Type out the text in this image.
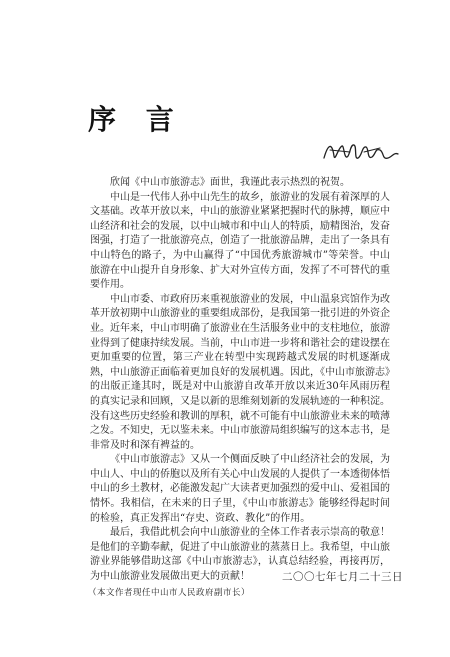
序 言

欣闻《中山市旅游志》面世，我谨此表示热烈的祝贺。

中山是一代伟人孙中山先生的故乡，旅游业的发展有着深厚的人文基础。改革开放以来，中山的旅游业紧紧把握时代的脉搏，顺应中山经济和社会的发展，以中山城市和中山人的特质，励精图治，发奋图强，打造了一批旅游亮点，创造了一批旅游品牌，走出了一条具有中山特色的路子，为中山赢得了“中国优秀旅游城市”等荣誉。中山旅游在中山提升自身形象、扩大对外宣传方面，发挥了不可替代的重要作用。

中山市委、市政府历来重视旅游业的发展，中山温泉宾馆作为改革开放初期中山旅游业的重要组成部份，是我国第一批引进的外资企业。近年来，中山市明确了旅游业在生活服务业中的支柱地位，旅游业得到了健康持续发展。当前，中山市进一步将和谐社会的建设摆在更加重要的位置，第三产业在转型中实现跨越式发展的时机逐渐成熟，中山旅游正面临着更加良好的发展机遇。因此，《中山市旅游志》的出版正逢其时，既是对中山旅游自改革开放以来近30年风雨历程的真实记录和回顾，又是以新的思维刻划新的发展轨迹的一种积淀。没有这些历史经验和教训的厚积，就不可能有中山旅游业未来的喷薄之发。不知史，无以鉴未来。中山市旅游局组织编写的这本志书，是非常及时和深有裨益的。

《中山市旅游志》又从一个侧面反映了中山经济社会的发展，为中山人、中山的侨胞以及所有关心中山发展的人提供了一本透彻体悟中山的乡土教材，必能激发起广大读者更加强烈的爱中山、爱祖国的情怀。我相信，在未来的日子里，《中山市旅游志》能够经得起时间的检验，真正发挥出“存史、资政、教化”的作用。

最后，我借此机会向中山旅游业的全体工作者表示崇高的敬意！是他们的辛勤奉献，促进了中山旅游业的蒸蒸日上。我希望，中山旅游业界能够借助这部《中山市旅游志》，认真总结经验，再接再厉，为中山旅游业发展做出更大的贡献！	二〇〇七年七月二十三日
（本文作者现任中山市人民政府副市长）
